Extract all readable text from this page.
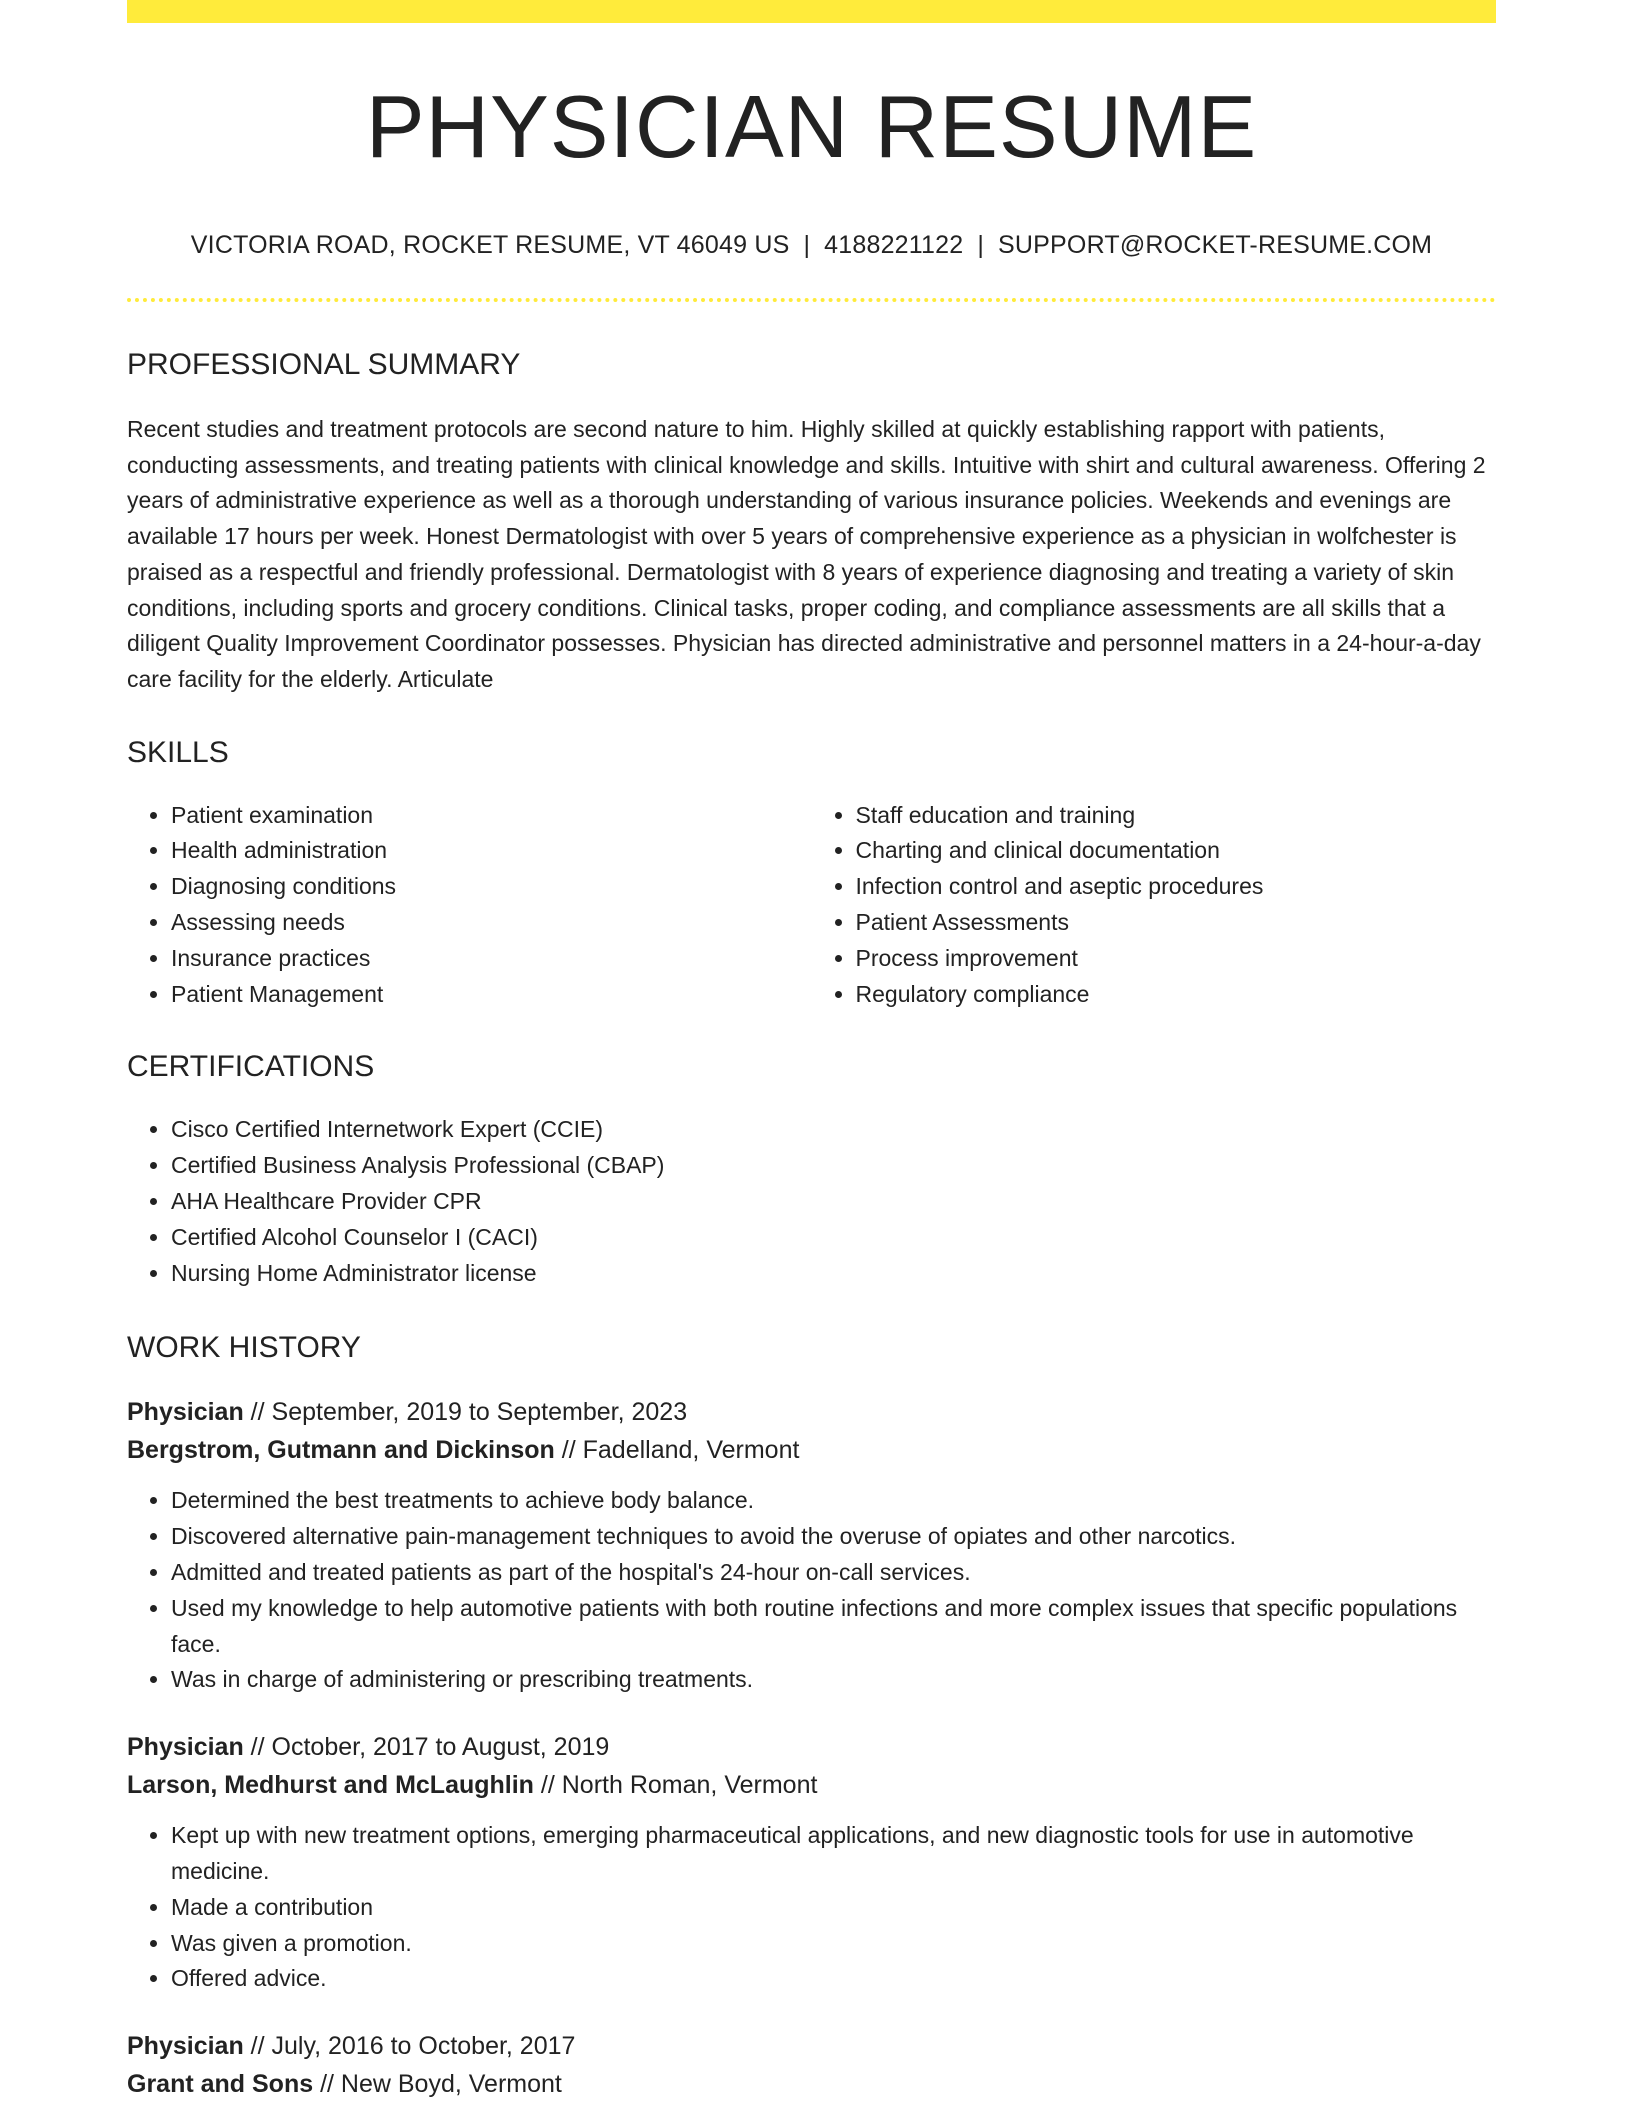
PHYSICIAN RESUME
VICTORIA ROAD, ROCKET RESUME, VT 46049 US | 4188221122 | SUPPORT@ROCKET-RESUME.COM
PROFESSIONAL SUMMARY

Recent studies and treatment protocols are second nature to him. Highly skilled at quickly establishing rapport with patients, conducting assessments, and treating patients with clinical knowledge and skills. Intuitive with shirt and cultural awareness. Offering 2 years of administrative experience as well as a thorough understanding of various insurance policies. Weekends and evenings are available 17 hours per week. Honest Dermatologist with over 5 years of comprehensive experience as a physician in wolfchester is praised as a respectful and friendly professional. Dermatologist with 8 years of experience diagnosing and treating a variety of skin conditions, including sports and grocery conditions. Clinical tasks, proper coding, and compliance assessments are all skills that a diligent Quality Improvement Coordinator possesses. Physician has directed administrative and personnel matters in a 24-hour-a-day care facility for the elderly. Articulate

SKILLS
• Patient examination
• Health administration
• Diagnosing conditions
• Assessing needs
• Insurance practices
• Patient Management
• Staff education and training
• Charting and clinical documentation
• Infection control and aseptic procedures
• Patient Assessments
• Process improvement
• Regulatory compliance
CERTIFICATIONS
• Cisco Certified Internetwork Expert (CCIE)
• Certified Business Analysis Professional (CBAP)
• AHA Healthcare Provider CPR
• Certified Alcohol Counselor I (CACI)
• Nursing Home Administrator license
WORK HISTORY
Physician // September, 2019 to September, 2023
Bergstrom, Gutmann and Dickinson // Fadelland, Vermont
• Determined the best treatments to achieve body balance.
• Discovered alternative pain-management techniques to avoid the overuse of opiates and other narcotics.
• Admitted and treated patients as part of the hospital's 24-hour on-call services.
• Used my knowledge to help automotive patients with both routine infections and more complex issues that specific populations face.
• Was in charge of administering or prescribing treatments.
Physician // October, 2017 to August, 2019
Larson, Medhurst and McLaughlin // North Roman, Vermont
• Kept up with new treatment options, emerging pharmaceutical applications, and new diagnostic tools for use in automotive medicine.
• Made a contribution
• Was given a promotion.
• Offered advice.
Physician // July, 2016 to October, 2017
Grant and Sons // New Boyd, Vermont
